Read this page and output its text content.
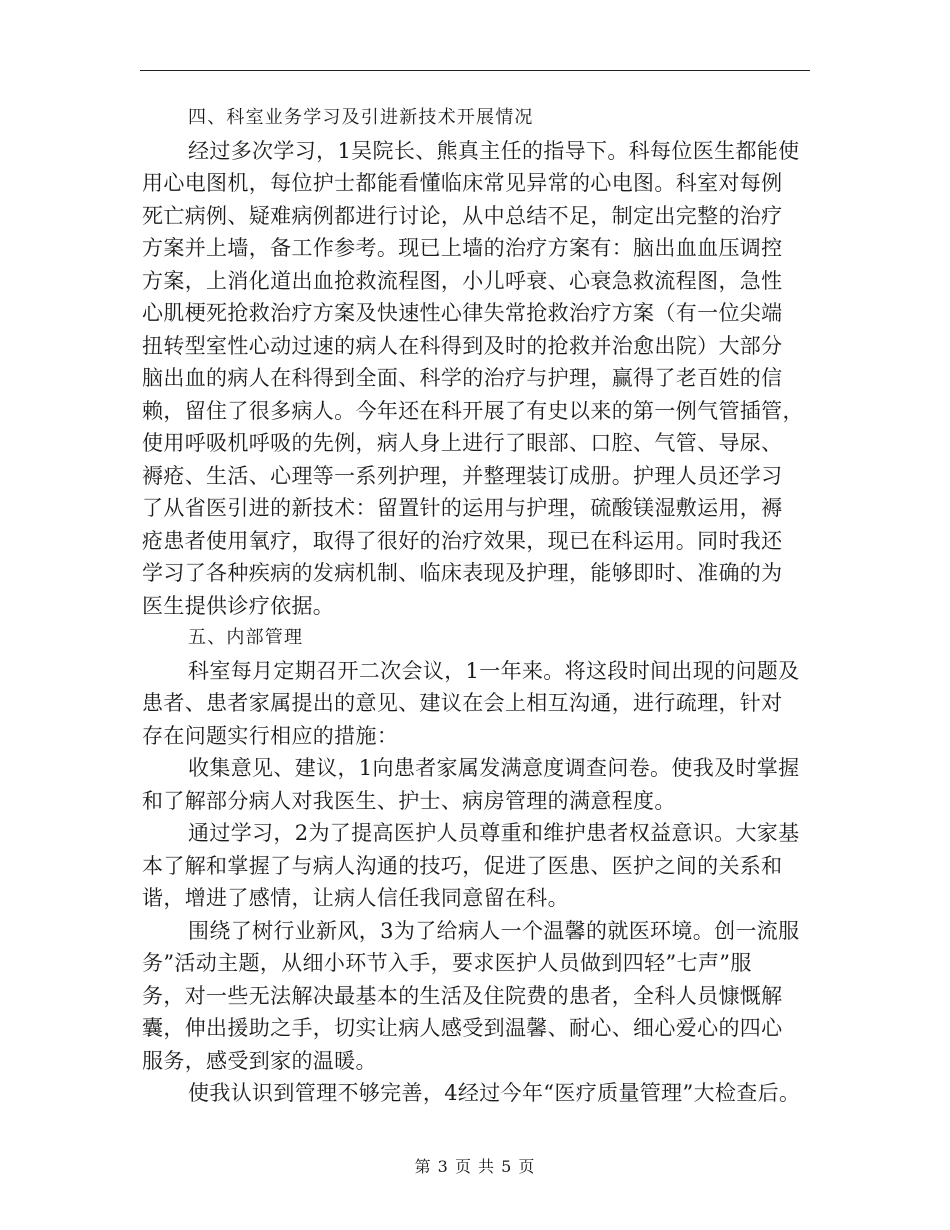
四、科室业务学习及引进新技术开展情况
经过多次学习，1吴院长、熊真主任的指导下。科每位医生都能使
用心电图机，每位护士都能看懂临床常见异常的心电图。科室对每例
死亡病例、疑难病例都进行讨论，从中总结不足，制定出完整的治疗
方案并上墙，备工作参考。现已上墙的治疗方案有：脑出血血压调控
方案，上消化道出血抢救流程图，小儿呼衰、心衰急救流程图，急性
心肌梗死抢救治疗方案及快速性心律失常抢救治疗方案（有一位尖端
扭转型室性心动过速的病人在科得到及时的抢救并治愈出院）大部分
脑出血的病人在科得到全面、科学的治疗与护理，赢得了老百姓的信
赖，留住了很多病人。今年还在科开展了有史以来的第一例气管插管，
使用呼吸机呼吸的先例，病人身上进行了眼部、口腔、气管、导尿、
褥疮、生活、心理等一系列护理，并整理装订成册。护理人员还学习
了从省医引进的新技术：留置针的运用与护理，硫酸镁湿敷运用，褥
疮患者使用氧疗，取得了很好的治疗效果，现已在科运用。同时我还
学习了各种疾病的发病机制、临床表现及护理，能够即时、准确的为
医生提供诊疗依据。
五、内部管理
科室每月定期召开二次会议，1一年来。将这段时间出现的问题及
患者、患者家属提出的意见、建议在会上相互沟通，进行疏理，针对
存在问题实行相应的措施：
收集意见、建议，1向患者家属发满意度调查问卷。使我及时掌握
和了解部分病人对我医生、护士、病房管理的满意程度。
通过学习，2为了提高医护人员尊重和维护患者权益意识。大家基
本了解和掌握了与病人沟通的技巧，促进了医患、医护之间的关系和
谐，增进了感情，让病人信任我同意留在科。
围绕了树行业新风，3为了给病人一个温馨的就医环境。创一流服
务”活动主题，从细小环节入手，要求医护人员做到四轻”七声”服
务，对一些无法解决最基本的生活及住院费的患者，全科人员慷慨解
囊，伸出援助之手，切实让病人感受到温馨、耐心、细心爱心的四心
服务，感受到家的温暖。
使我认识到管理不够完善，4经过今年“医疗质量管理”大检查后。
第 3 页 共 5 页
